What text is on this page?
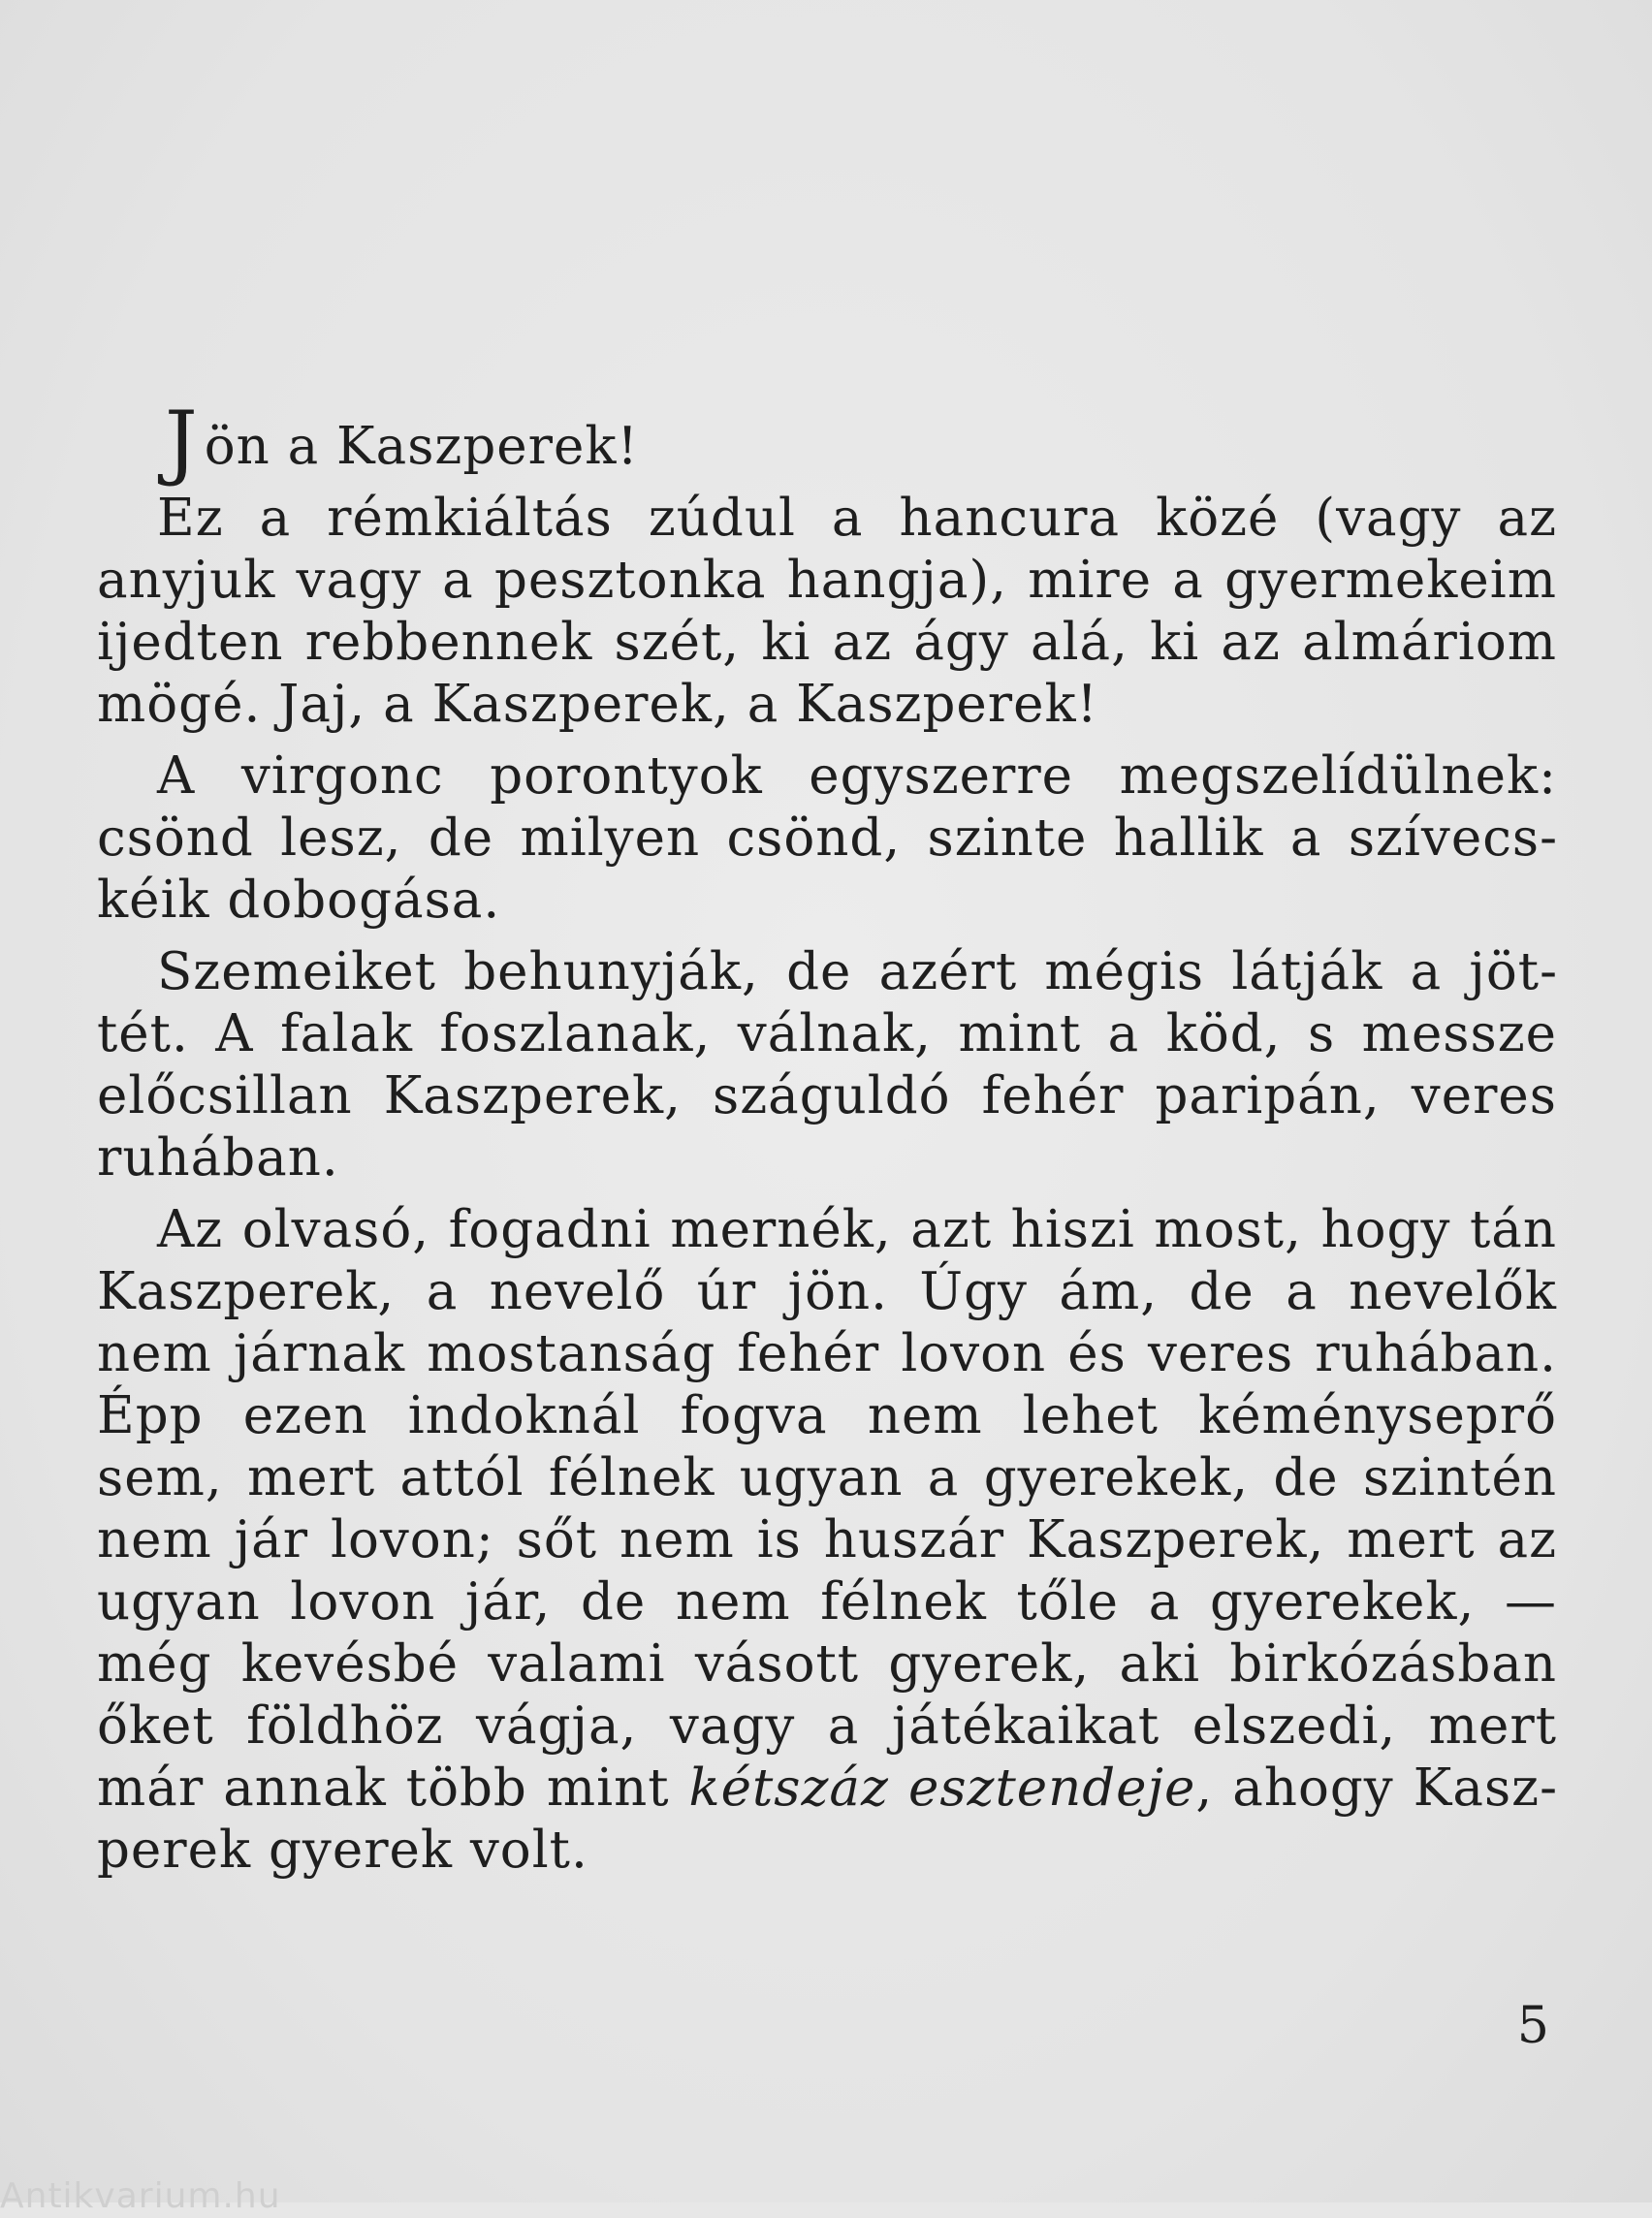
Jön a Kaszperek!

Ez a rémkiáltás zúdul a hancura közé (vagy az anyjuk vagy a pesztonka hangja), mire a gyermekeim ijedten rebbennek szét, ki az ágy alá, ki az almáriom mögé. Jaj, a Kaszperek, a Kaszperek!

A virgonc porontyok egyszerre megszelídülnek: csönd lesz, de milyen csönd, szinte hallik a szívecskéik dobogása.

Szemeiket behunyják, de azért mégis látják a jöttét. A falak foszlanak, válnak, mint a köd, s messze előcsillan Kaszperek, száguldó fehér paripán, veres ruhában.

Az olvasó, fogadni mernék, azt hiszi most, hogy tán Kaszperek, a nevelő úr jön. Úgy ám, de a nevelők nem járnak mostanság fehér lovon és veres ruhában. Épp ezen indoknál fogva nem lehet kéményseprő sem, mert attól félnek ugyan a gyerekek, de szintén nem jár lovon; sőt nem is huszár Kaszperek, mert az ugyan lovon jár, de nem félnek tőle a gyerekek, — még kevésbé valami vásott gyerek, aki birkózásban őket földhöz vágja, vagy a játékaikat elszedi, mert már annak több mint kétszáz esztendeje, ahogy Kaszperek gyerek volt.

5
Antikvarium.hu
